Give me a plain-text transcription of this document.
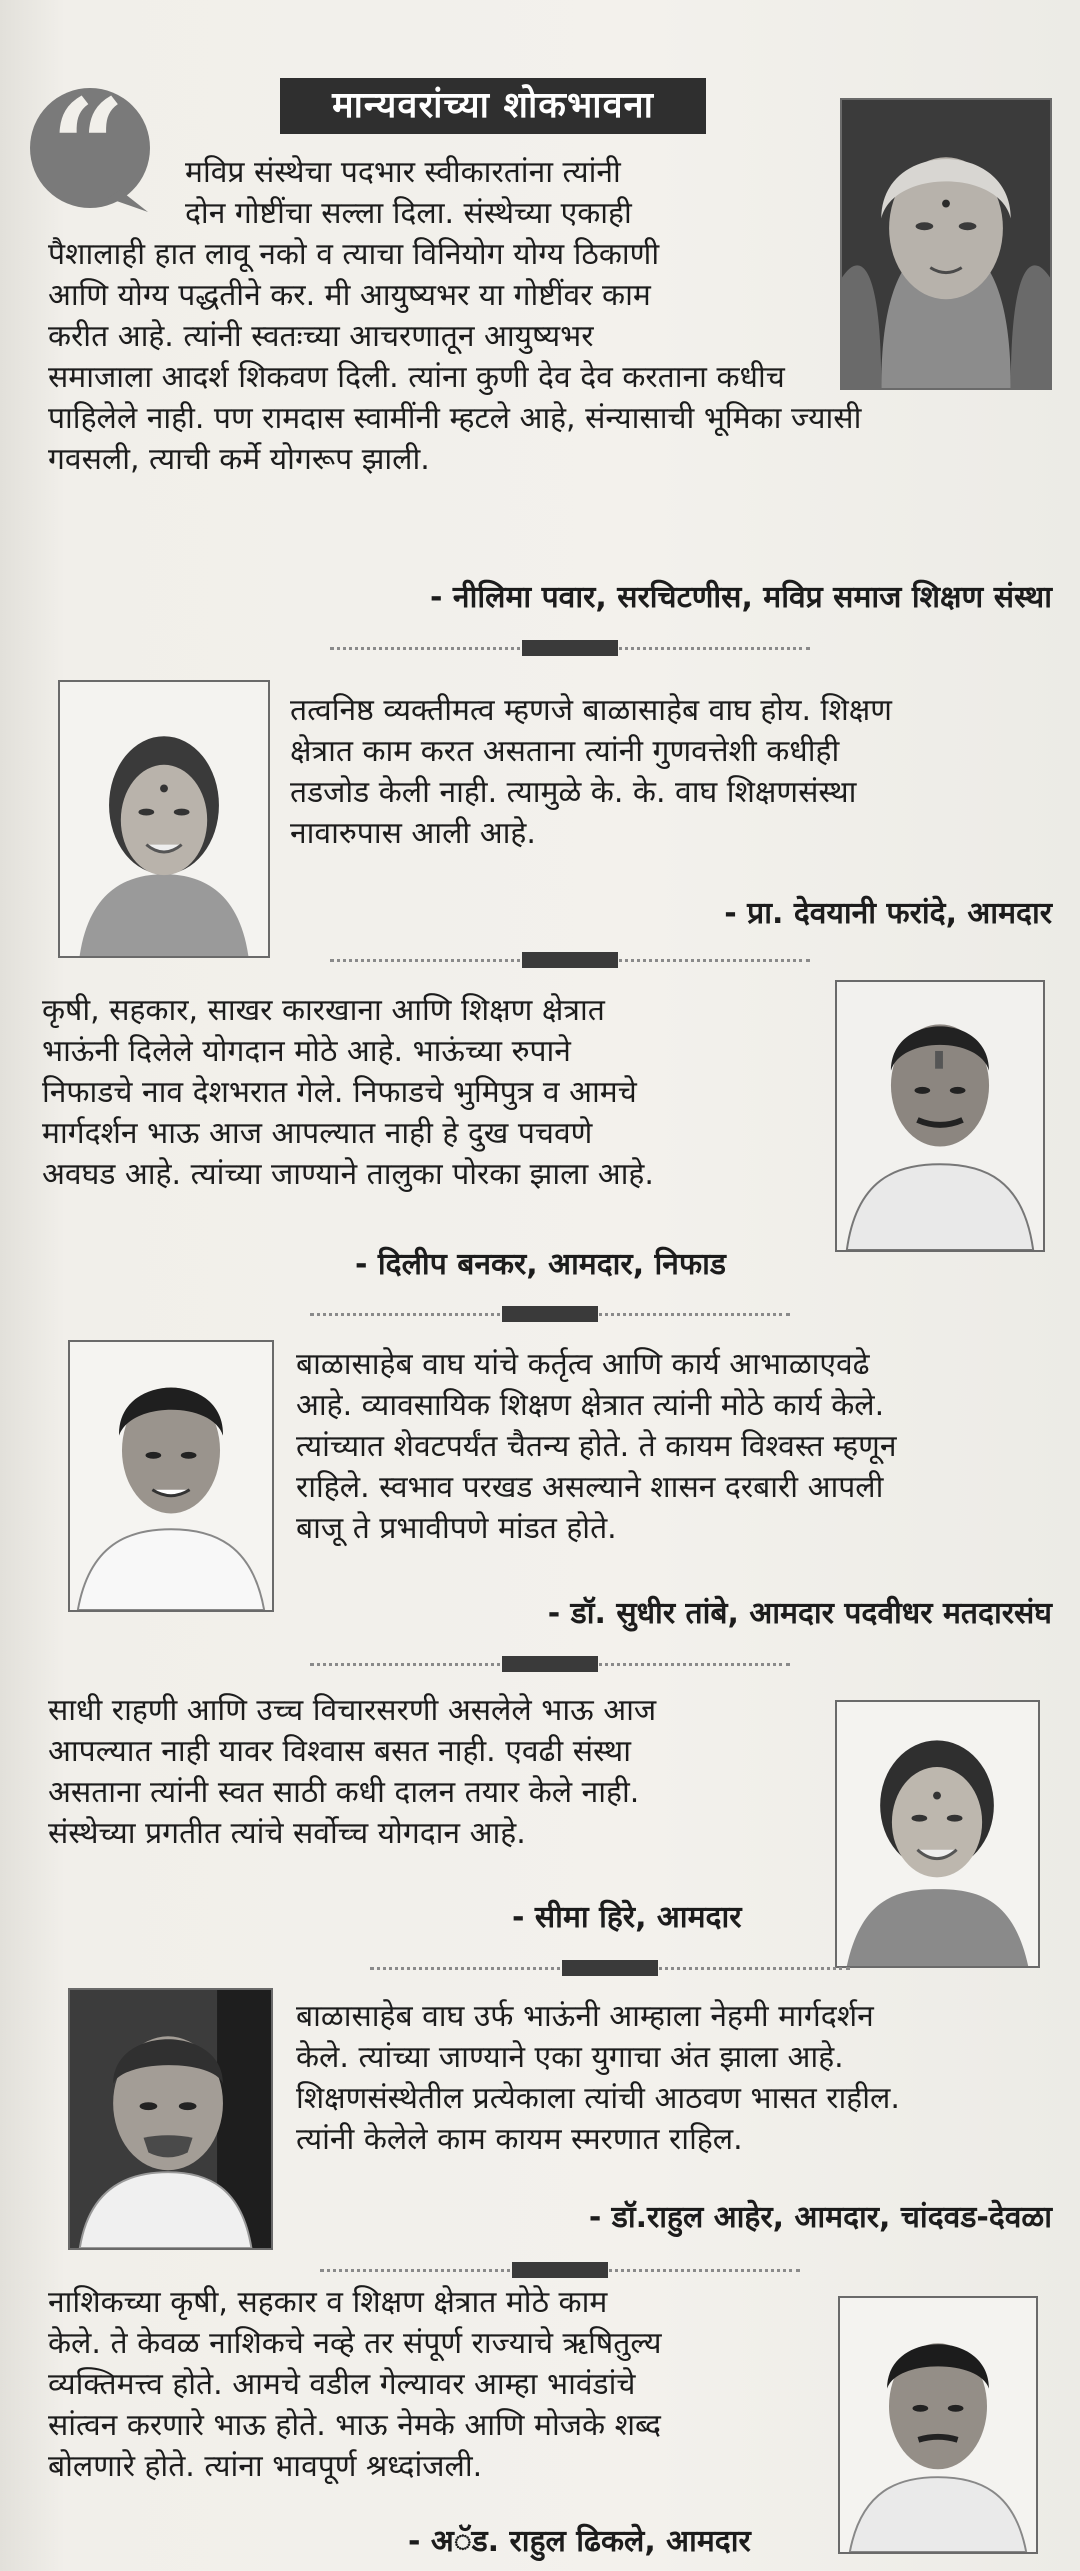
मान्यवरांच्या शोकभावना
“ मविप्र संस्थेचा पदभार स्वीकारतांना त्यांनी

दोन गोष्टींचा सल्ला दिला. संस्थेच्या एकाही

पैशालाही हात लावू नको व त्याचा विनियोग योग्य ठिकाणी

आणि योग्य पद्धतीने कर. मी आयुष्यभर या गोष्टींवर काम

करीत आहे. त्यांनी स्वतःच्या आचरणातून आयुष्यभर

समाजाला आदर्श शिकवण दिली. त्यांना कुणी देव देव करताना कधीच

पाहिलेले नाही. पण रामदास स्वामींनी म्हटले आहे, संन्यासाची भूमिका ज्यासी

गवसली, त्याची कर्मे योगरूप झाली.

- नीलिमा पवार, सरचिटणीस, मविप्र समाज शिक्षण संस्था

तत्वनिष्ठ व्यक्तीमत्व म्हणजे बाळासाहेब वाघ होय. शिक्षण

क्षेत्रात काम करत असताना त्यांनी गुणवत्तेशी कधीही

तडजोड केली नाही. त्यामुळे के. के. वाघ शिक्षणसंस्था

नावारुपास आली आहे.

- प्रा. देवयानी फरांदे, आमदार

कृषी, सहकार, साखर कारखाना आणि शिक्षण क्षेत्रात

भाऊंनी दिलेले योगदान मोठे आहे. भाऊंच्या रुपाने

निफाडचे नाव देशभरात गेले. निफाडचे भुमिपुत्र व आमचे

मार्गदर्शन भाऊ आज आपल्यात नाही हे दुख पचवणे

अवघड आहे. त्यांच्या जाण्याने तालुका पोरका झाला आहे.

- दिलीप बनकर, आमदार, निफाड

बाळासाहेब वाघ यांचे कर्तृत्व आणि कार्य आभाळाएवढे

आहे. व्यावसायिक शिक्षण क्षेत्रात त्यांनी मोठे कार्य केले.

त्यांच्यात शेवटपर्यंत चैतन्य होते. ते कायम विश्वस्त म्हणून

राहिले. स्वभाव परखड असल्याने शासन दरबारी आपली

बाजू ते प्रभावीपणे मांडत होते.

- डॉ. सुधीर तांबे, आमदार पदवीधर मतदारसंघ

साधी राहणी आणि उच्च विचारसरणी असलेले भाऊ आज

आपल्यात नाही यावर विश्वास बसत नाही. एवढी संस्था

असताना त्यांनी स्वत साठी कधी दालन तयार केले नाही.

संस्थेच्या प्रगतीत त्यांचे सर्वोच्च योगदान आहे.

- सीमा हिरे, आमदार

बाळासाहेब वाघ उर्फ भाऊंनी आम्हाला नेहमी मार्गदर्शन

केले. त्यांच्या जाण्याने एका युगाचा अंत झाला आहे.

शिक्षणसंस्थेतील प्रत्येकाला त्यांची आठवण भासत राहील.

त्यांनी केलेले काम कायम स्मरणात राहिल.

- डॉ.राहुल आहेर, आमदार, चांदवड-देवळा

नाशिकच्या कृषी, सहकार व शिक्षण क्षेत्रात मोठे काम

केले. ते केवळ नाशिकचे नव्हे तर संपूर्ण राज्याचे ऋषितुल्य

व्यक्तिमत्त्व होते. आमचे वडील गेल्यावर आम्हा भावंडांचे

सांत्वन करणारे भाऊ होते. भाऊ नेमके आणि मोजके शब्द

बोलणारे होते. त्यांना भावपूर्ण श्रध्दांजली.

- अॅड. राहुल ढिकले, आमदार
